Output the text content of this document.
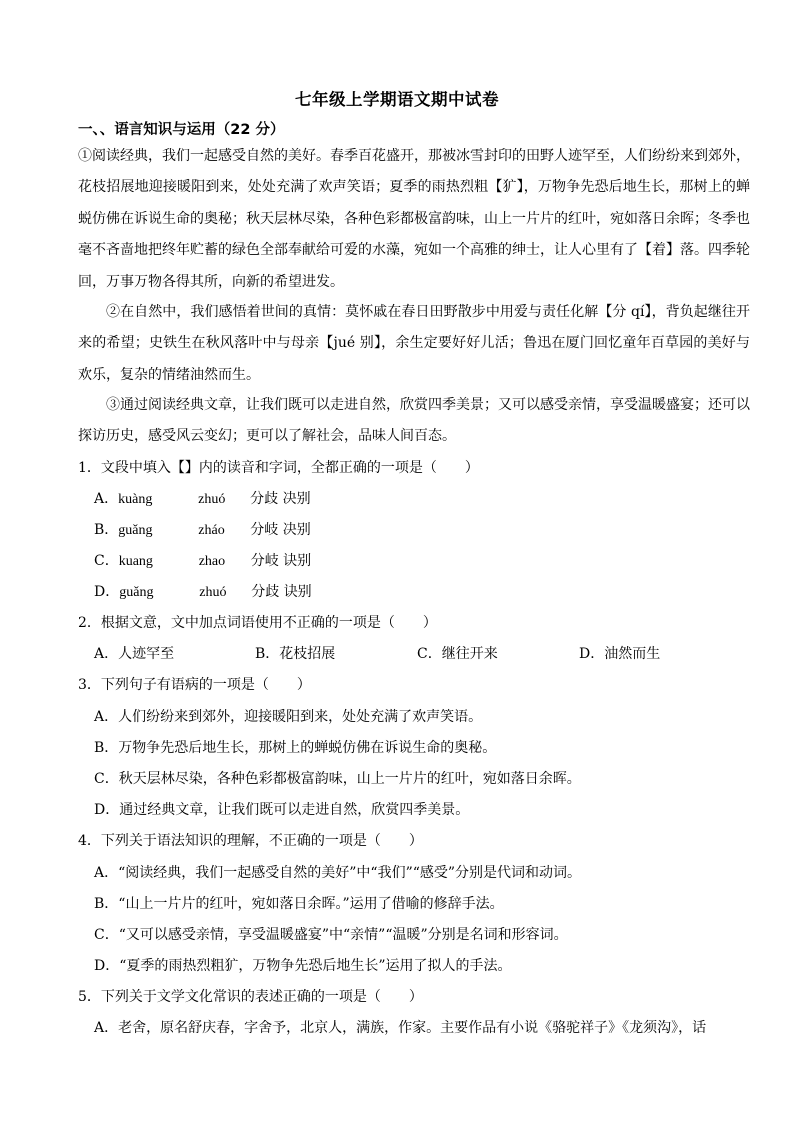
七年级上学期语文期中试卷
一、、语言知识与运用（22 分）
①阅读经典，我们一起感受自然的美好。春季百花盛开，那被冰雪封印的田野人迹罕至，人们纷纷来到郊外，花枝招展地迎接暖阳到来，处处充满了欢声笑语；夏季的雨热烈粗【犷】，万物争先恐后地生长，那树上的蝉蜕仿佛在诉说生命的奥秘；秋天层林尽染，各种色彩都极富韵味，山上一片片的红叶，宛如落日余晖；冬季也毫不吝啬地把终年贮蓄的绿色全部奉献给可爱的水藻，宛如一个高雅的绅士，让人心里有了【着】落。四季轮回，万事万物各得其所，向新的希望进发。
②在自然中，我们感悟着世间的真情：莫怀戚在春日田野散步中用爱与责任化解【分 qí】，背负起继往开来的希望；史铁生在秋风落叶中与母亲【jué 别】，余生定要好好儿活；鲁迅在厦门回忆童年百草园的美好与欢乐，复杂的情绪油然而生。
③通过阅读经典文章，让我们既可以走进自然，欣赏四季美景；又可以感受亲情，享受温暖盛宴；还可以探访历史，感受风云变幻；更可以了解社会，品味人间百态。
1．文段中填入【】内的读音和字词，全都正确的一项是（　　）
A．kuàng	zhuó 分歧 决别
B．guǎng	zháo 分岐 决别
C．kuang	zhao 分岐 诀别
D．guǎng	zhuó 分歧 诀别
2．根据文意，文中加点词语使用不正确的一项是（　　）
A．人迹罕至	B．花枝招展	C．继往开来	D．油然而生
3．下列句子有语病的一项是（　　）
A．人们纷纷来到郊外，迎接暖阳到来，处处充满了欢声笑语。
B．万物争先恐后地生长，那树上的蝉蜕仿佛在诉说生命的奥秘。
C．秋天层林尽染，各种色彩都极富韵味，山上一片片的红叶，宛如落日余晖。
D．通过经典文章，让我们既可以走进自然，欣赏四季美景。
4．下列关于语法知识的理解，不正确的一项是（　　）
A．“阅读经典，我们一起感受自然的美好”中“我们”“感受”分别是代词和动词。
B．“山上一片片的红叶，宛如落日余晖。”运用了借喻的修辞手法。
C．“又可以感受亲情，享受温暖盛宴”中“亲情”“温暖”分别是名词和形容词。
D．“夏季的雨热烈粗犷，万物争先恐后地生长”运用了拟人的手法。
5．下列关于文学文化常识的表述正确的一项是（　　）
A．老舍，原名舒庆春，字舍予，北京人，满族，作家。主要作品有小说《骆驼祥子》《龙须沟》，话
